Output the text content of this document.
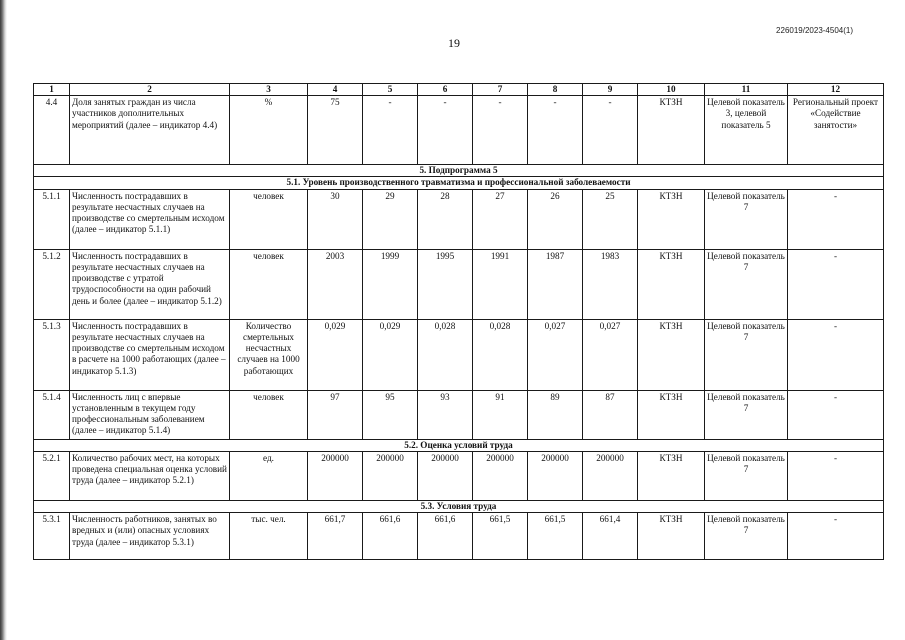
226019/2023-4504(1)
19
1	2	3	4	5	6	7	8	9	10	11	12
4.4	Доля занятых граждан из числа участников дополнительных мероприятий (далее – индикатор 4.4)	%	75	-	-	-	-	-	КТЗН	Целевой показатель 3, целевой показатель 5	Региональный проект «Содействие занятости»
5. Подпрограмма 5											
5.1. Уровень производственного травматизма и профессиональной заболеваемости											
5.1.1	Численность пострадавших в результате несчастных случаев на производстве со смертельным исходом (далее – индикатор 5.1.1)	человек	30	29	28	27	26	25	КТЗН	Целевой показатель 7	-
5.1.2	Численность пострадавших в результате несчастных случаев на производстве с утратой трудоспособности на один рабочий день и более (далее – индикатор 5.1.2)	человек	2003	1999	1995	1991	1987	1983	КТЗН	Целевой показатель 7	-
5.1.3	Численность пострадавших в результате несчастных случаев на производстве со смертельным исходом в расчете на 1000 работающих (далее – индикатор 5.1.3)	Количество смертельных несчастных случаев на 1000 работающих	0,029	0,029	0,028	0,028	0,027	0,027	КТЗН	Целевой показатель 7	-
5.1.4	Численность лиц с впервые установленным в текущем году профессиональным заболеванием (далее – индикатор 5.1.4)	человек	97	95	93	91	89	87	КТЗН	Целевой показатель 7	-
5.2. Оценка условий труда											
5.2.1	Количество рабочих мест, на которых проведена специальная оценка условий труда (далее – индикатор 5.2.1)	ед.	200000	200000	200000	200000	200000	200000	КТЗН	Целевой показатель 7	-
5.3. Условия труда											
5.3.1	Численность работников, занятых во вредных и (или) опасных условиях труда (далее – индикатор 5.3.1)	тыс. чел.	661,7	661,6	661,6	661,5	661,5	661,4	КТЗН	Целевой показатель 7	-
